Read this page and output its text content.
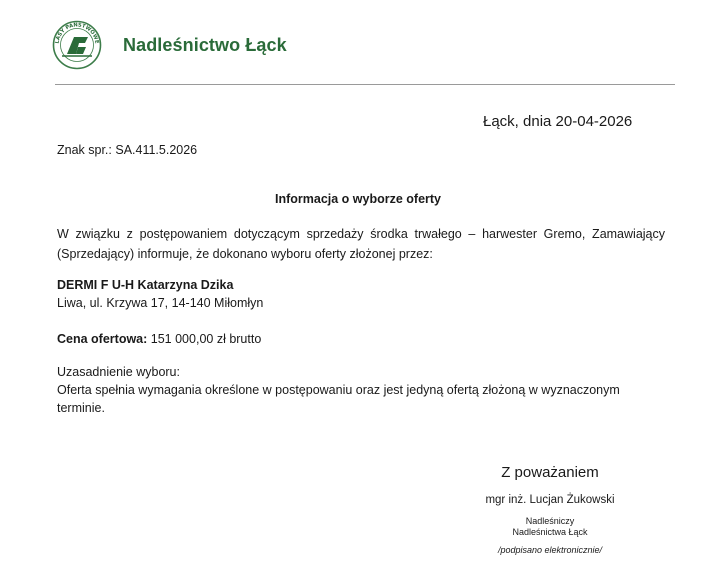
LASY PAŃSTWOWE Nadleśnictwo Łąck
Łąck, dnia 20-04-2026
Znak spr.: SA.411.5.2026
Informacja o wyborze oferty
W związku z postępowaniem dotyczącym sprzedaży środka trwałego – harwester Gremo, Zamawiający (Sprzedający) informuje, że dokonano wyboru oferty złożonej przez:
DERMI F U-H Katarzyna Dzika
Liwa, ul. Krzywa 17, 14-140 Miłomłyn
Cena ofertowa: 151 000,00 zł brutto
Uzasadnienie wyboru:
Oferta spełnia wymagania określone w postępowaniu oraz jest jedyną ofertą złożoną w wyznaczonym terminie.
Z poważaniem
mgr inż. Lucjan Żukowski
Nadleśniczy
Nadleśnictwa Łąck
/podpisano elektronicznie/
